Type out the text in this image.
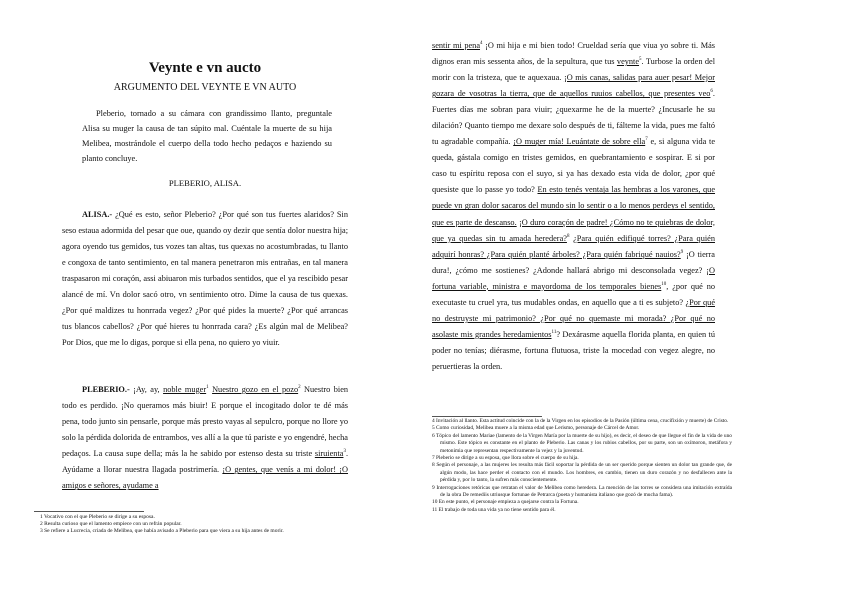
Veynte e vn aucto
ARGUMENTO DEL VEYNTE E VN AUTO
Pleberio, tornado a su cámara con grandissimo llanto, preguntale Alisa su muger la causa de tan súpito mal. Cuéntale la muerte de su hija Melibea, mostrándole el cuerpo della todo hecho pedaços e haziendo su planto concluye.
PLEBERIO, ALISA.
ALISA.- ¿Qué es esto, señor Pleberio? ¿Por qué son tus fuertes alaridos? Sin seso estaua adormida del pesar que oue, quando oy dezir que sentía dolor nuestra hija; agora oyendo tus gemidos, tus vozes tan altas, tus quexas no acostumbradas, tu llanto e congoxa de tanto sentimiento, en tal manera penetraron mis entrañas, en tal manera traspasaron mi coraçón, assi abiuaron mis turbados sentidos, que el ya rescibido pesar alancé de mí. Vn dolor sacó otro, vn sentimiento otro. Dime la causa de tus quexas. ¿Por qué maldizes tu honrrada vegez? ¿Por qué pides la muerte? ¿Por qué arrancas tus blancos cabellos? ¿Por qué hieres tu honrrada cara? ¿Es algún mal de Melibea? Por Dios, que me lo digas, porque si ella pena, no quiero yo viuir.
PLEBERIO.- ¡Ay, ay, noble muger$^1$ Nuestro gozo en el pozo$^2$ Nuestro bien todo es perdido. ¡No queramos más biuir! E porque el incogitado dolor te dé más pena, todo junto sin pensarle, porque más presto vayas al sepulcro, porque no llore yo solo la pérdida dolorida de entrambos, ves allí a la que tú pariste e yo engendré, hecha pedaços. La causa supe della; más la he sabido por estenso desta su triste siruienta$^3$. Ayúdame a llorar nuestra llagada postrimería. ¡O gentes, que venís a mi dolor! ¡O amigos e señores, ayudame a
1 Vocativo con el que Pleberio se dirige a su esposa.
2 Resulta curioso que el lamento empiece con un refrán popular.
3 Se refiere a Lucrecia, criada de Melibea, que había avisado a Pleberio para que viera a su hija antes de morir.
sentir mi pena$^4$ ¡O mi hija e mi bien todo! Crueldad sería que viua yo sobre ti. Más dignos eran mis sessenta años, de la sepultura, que tus veynte$^5$. Turbose la orden del morir con la tristeza, que te aquexaua. ¡O mis canas, salidas para auer pesar! Mejor gozara de vosotras la tierra, que de aquellos ruuios cabellos, que presentes veo$^6$. Fuertes días me sobran para viuir; ¿quexarme he de la muerte? ¿Incusarle he su dilación? Quanto tiempo me dexare solo después de ti, fálteme la vida, pues me faltó tu agradable compañía. ¡O muger mía! Leuántate de sobre ella$^7$ e, si alguna vida te queda, gástala comigo en tristes gemidos, en quebrantamiento e sospirar. E si por caso tu espíritu reposa con el suyo, si ya has dexado esta vida de dolor, ¿por qué quesiste que lo passe yo todo? En esto tenés ventaja las hembras a los varones, que puede vn gran dolor sacaros del mundo sin lo sentir o a lo menos perdeys el sentido, que es parte de descanso. ¡O duro coraçón de padre! ¿Cómo no te quiebras de dolor, que ya quedas sin tu amada heredera?$^8$ ¿Para quién edifiqué torres? ¿Para quién adquirí honras? ¿Para quién planté árboles? ¿Para quién fabriqué nauios?$^9$ ¡O tierra dura!, ¿cómo me sostienes? ¿Adonde hallará abrigo mi desconsolada vegez? ¡O fortuna variable, ministra e mayordoma de los temporales bienes$^{10}$, ¿por qué no executaste tu cruel yra, tus mudables ondas, en aquello que a ti es subjeto? ¿Por qué no destruyste mi patrimonio? ¿Por qué no quemaste mi morada? ¿Por qué no asolaste mis grandes heredamientos$^{11}$? Dexárasme aquella florida planta, en quien tú poder no tenías; diérasme, fortuna flutuosa, triste la mocedad con vegez alegre, no peruertieras la orden.
4 Invitación al llanto. Esta actitud coincide con la de la Virgen en los episodios de la Pasión (última cena, crucifixión y muerte) de Cristo.
5 Como curiosidad, Melibea muere a la misma edad que Lerismo, personaje de Cárcel de Amor.
6 Tópico del lamento Mariae (lamento de la Virgen María por la muerte de su hijo), es decir, el deseo de que llegue el fin de la vida de uno mismo. Este tópico es constante en el planto de Pleberio. Las canas y los rubios cabellos, por su parte, son un oxímoron, metáfora y metonimia que representan respectivamente la vejez y la juventud.
7 Pleberio se dirige a su esposa, que llora sobre el cuerpo de su hija.
8 Según el personaje, a las mujeres les resulta más fácil soportar la pérdida de un ser querido porque sienten un dolor tan grande que, de algún modo, las hace perder el contacto con el mundo. Los hombres, en cambio, tienen un duro corazón y no desfallecen ante la pérdida y, por lo tanto, la sufren más conscientemente.
9 Interrogaciones retóricas que retratan el valor de Melibea como heredera. La mención de las torres se considera una imitación extraída de la obra De remediis utriusque fortunae de Petrarca (poeta y humanista italiano que gozó de mucha fama).
10 En este punto, el personaje empieza a quejarse contra la Fortuna.
11 El trabajo de toda una vida ya no tiene sentido para él.
